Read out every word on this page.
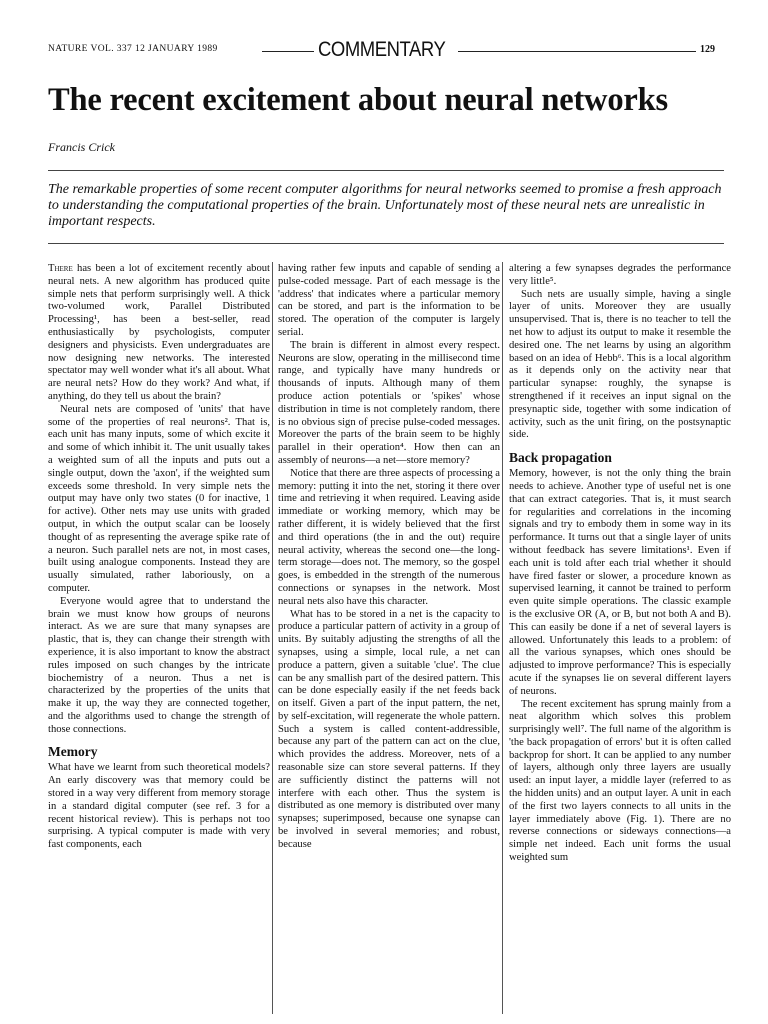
NATURE VOL. 337 12 JANUARY 1989	COMMENTARY	129
The recent excitement about neural networks
Francis Crick

The remarkable properties of some recent computer algorithms for neural networks seemed to promise a fresh approach to understanding the computational properties of the brain. Unfortunately most of these neural nets are unrealistic in important respects.

There has been a lot of excitement recently about neural nets. A new algorithm has produced quite simple nets that perform surprisingly well. A thick two-volumed work, Parallel Distributed Processing¹, has been a best-seller, read enthusiastically by psychologists, computer designers and physicists. Even undergraduates are now designing new networks. The interested spectator may well wonder what it's all about. What are neural nets? How do they work? And what, if anything, do they tell us about the brain?

Neural nets are composed of 'units' that have some of the properties of real neurons². That is, each unit has many inputs, some of which excite it and some of which inhibit it. The unit usually takes a weighted sum of all the inputs and puts out a single output, down the 'axon', if the weighted sum exceeds some threshold. In very simple nets the output may have only two states (0 for inactive, 1 for active). Other nets may use units with graded output, in which the output scalar can be loosely thought of as representing the average spike rate of a neuron. Such parallel nets are not, in most cases, built using analogue components. Instead they are usually simulated, rather laboriously, on a computer.

Everyone would agree that to understand the brain we must know how groups of neurons interact. As we are sure that many synapses are plastic, that is, they can change their strength with experience, it is also important to know the abstract rules imposed on such changes by the intricate biochemistry of a neuron. Thus a net is characterized by the properties of the units that make it up, the way they are connected together, and the algorithms used to change the strength of those connections.

Memory

What have we learnt from such theoretical models? An early discovery was that memory could be stored in a way very different from memory storage in a standard digital computer (see ref. 3 for a recent historical review). This is perhaps not too surprising. A typical computer is made with very fast components, each

having rather few inputs and capable of sending a pulse-coded message. Part of each message is the 'address' that indicates where a particular memory can be stored, and part is the information to be stored. The operation of the computer is largely serial.

The brain is different in almost every respect. Neurons are slow, operating in the millisecond time range, and typically have many hundreds or thousands of inputs. Although many of them produce action potentials or 'spikes' whose distribution in time is not completely random, there is no obvious sign of precise pulse-coded messages. Moreover the parts of the brain seem to be highly parallel in their operation⁴. How then can an assembly of neurons—a net—store memory?

Notice that there are three aspects of processing a memory: putting it into the net, storing it there over time and retrieving it when required. Leaving aside immediate or working memory, which may be rather different, it is widely believed that the first and third operations (the in and the out) require neural activity, whereas the second one—the long-term storage—does not. The memory, so the gospel goes, is embedded in the strength of the numerous connections or synapses in the network. Most neural nets also have this character.

What has to be stored in a net is the capacity to produce a particular pattern of activity in a group of units. By suitably adjusting the strengths of all the synapses, using a simple, local rule, a net can produce a pattern, given a suitable 'clue'. The clue can be any smallish part of the desired pattern. This can be done especially easily if the net feeds back on itself. Given a part of the input pattern, the net, by self-excitation, will regenerate the whole pattern. Such a system is called content-addressible, because any part of the pattern can act on the clue, which provides the address. Moreover, nets of a reasonable size can store several patterns. If they are sufficiently distinct the patterns will not interfere with each other. Thus the system is distributed as one memory is distributed over many synapses; superimposed, because one synapse can be involved in several memories; and robust, because

altering a few synapses degrades the performance very little⁵.

Such nets are usually simple, having a single layer of units. Moreover they are usually unsupervised. That is, there is no teacher to tell the net how to adjust its output to make it resemble the desired one. The net learns by using an algorithm based on an idea of Hebb⁶. This is a local algorithm as it depends only on the activity near that particular synapse: roughly, the synapse is strengthened if it receives an input signal on the presynaptic side, together with some indication of activity, such as the unit firing, on the postsynaptic side.

Back propagation

Memory, however, is not the only thing the brain needs to achieve. Another type of useful net is one that can extract categories. That is, it must search for regularities and correlations in the incoming signals and try to embody them in some way in its performance. It turns out that a single layer of units without feedback has severe limitations¹. Even if each unit is told after each trial whether it should have fired faster or slower, a procedure known as supervised learning, it cannot be trained to perform even quite simple operations. The classic example is the exclusive OR (A, or B, but not both A and B). This can easily be done if a net of several layers is allowed. Unfortunately this leads to a problem: of all the various synapses, which ones should be adjusted to improve performance? This is especially acute if the synapses lie on several different layers of neurons.

The recent excitement has sprung mainly from a neat algorithm which solves this problem surprisingly well⁷. The full name of the algorithm is 'the back propagation of errors' but it is often called backprop for short. It can be applied to any number of layers, although only three layers are usually used: an input layer, a middle layer (referred to as the hidden units) and an output layer. A unit in each of the first two layers connects to all units in the layer immediately above (Fig. 1). There are no reverse connections or sideways connections—a simple net indeed. Each unit forms the usual weighted sum
